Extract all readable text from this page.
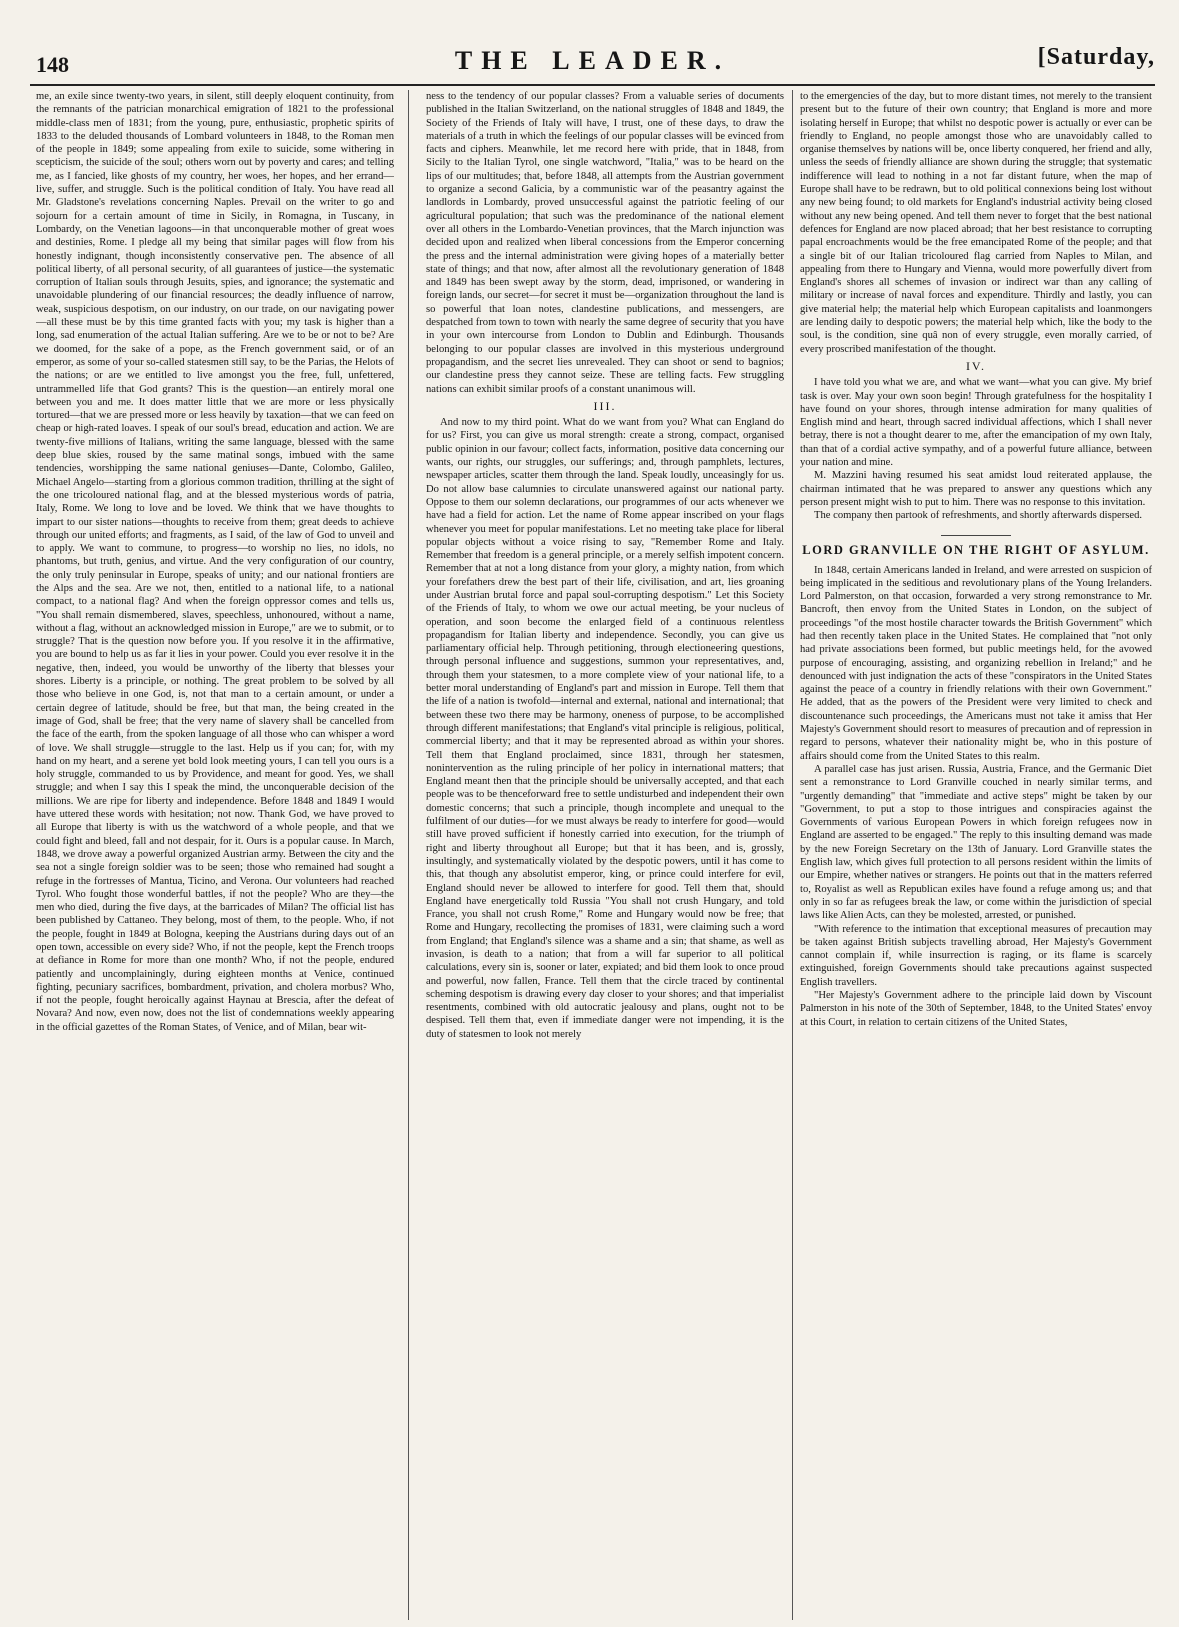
148	THE LEADER.	[Saturday,

me, an exile since twenty-two years, in silent, still deeply eloquent continuity, from the remnants of the patrician monarchical emigration of 1821 to the professional middle-class men of 1831; from the young, pure, enthusiastic, prophetic spirits of 1833 to the deluded thousands of Lombard volunteers in 1848, to the Roman men of the people in 1849; some appealing from exile to suicide, some withering in scepticism, the suicide of the soul; others worn out by poverty and cares; and telling me, as I fancied, like ghosts of my country, her woes, her hopes, and her errand—live, suffer, and struggle. Such is the political condition of Italy. You have read all Mr. Gladstone's revelations concerning Naples. Prevail on the writer to go and sojourn for a certain amount of time in Sicily, in Romagna, in Tuscany, in Lombardy, on the Venetian lagoons—in that unconquerable mother of great woes and destinies, Rome. I pledge all my being that similar pages will flow from his honestly indignant, though inconsistently conservative pen. The absence of all political liberty, of all personal security, of all guarantees of justice—the systematic corruption of Italian souls through Jesuits, spies, and ignorance; the systematic and unavoidable plundering of our financial resources; the deadly influence of narrow, weak, suspicious despotism, on our industry, on our trade, on our navigating power—all these must be by this time granted facts with you; my task is higher than a long, sad enumeration of the actual Italian suffering. Are we to be or not to be? Are we doomed, for the sake of a pope, as the French government said, or of an emperor, as some of your so-called statesmen still say, to be the Parias, the Helots of the nations; or are we entitled to live amongst you the free, full, unfettered, untrammelled life that God grants? This is the question—an entirely moral one between you and me. It does matter little that we are more or less physically tortured—that we are pressed more or less heavily by taxation—that we can feed on cheap or high-rated loaves. I speak of our soul's bread, education and action. We are twenty-five millions of Italians, writing the same language, blessed with the same deep blue skies, roused by the same matinal songs, imbued with the same tendencies, worshipping the same national geniuses—Dante, Colombo, Galileo, Michael Angelo—starting from a glorious common tradition, thrilling at the sight of the one tricoloured national flag, and at the blessed mysterious words of patria, Italy, Rome. We long to love and be loved. We think that we have thoughts to impart to our sister nations—thoughts to receive from them; great deeds to achieve through our united efforts; and fragments, as I said, of the law of God to unveil and to apply. We want to commune, to progress—to worship no lies, no idols, no phantoms, but truth, genius, and virtue. And the very configuration of our country, the only truly peninsular in Europe, speaks of unity; and our national frontiers are the Alps and the sea. Are we not, then, entitled to a national life, to a national compact, to a national flag? And when the foreign oppressor comes and tells us, "You shall remain dismembered, slaves, speechless, unhonoured, without a name, without a flag, without an acknowledged mission in Europe," are we to submit, or to struggle? That is the question now before you. If you resolve it in the affirmative, you are bound to help us as far it lies in your power. Could you ever resolve it in the negative, then, indeed, you would be unworthy of the liberty that blesses your shores. Liberty is a principle, or nothing. The great problem to be solved by all those who believe in one God, is, not that man to a certain amount, or under a certain degree of latitude, should be free, but that man, the being created in the image of God, shall be free; that the very name of slavery shall be cancelled from the face of the earth, from the spoken language of all those who can whisper a word of love. We shall struggle—struggle to the last. Help us if you can; for, with my hand on my heart, and a serene yet bold look meeting yours, I can tell you ours is a holy struggle, commanded to us by Providence, and meant for good. Yes, we shall struggle; and when I say this I speak the mind, the unconquerable decision of the millions. We are ripe for liberty and independence. Before 1848 and 1849 I would have uttered these words with hesitation; not now. Thank God, we have proved to all Europe that liberty is with us the watchword of a whole people, and that we could fight and bleed, fall and not despair, for it. Ours is a popular cause. In March, 1848, we drove away a powerful organized Austrian army. Between the city and the sea not a single foreign soldier was to be seen; those who remained had sought a refuge in the fortresses of Mantua, Ticino, and Verona. Our volunteers had reached Tyrol. Who fought those wonderful battles, if not the people? Who are they—the men who died, during the five days, at the barricades of Milan? The official list has been published by Cattaneo. They belong, most of them, to the people. Who, if not the people, fought in 1849 at Bologna, keeping the Austrians during days out of an open town, accessible on every side? Who, if not the people, kept the French troops at defiance in Rome for more than one month? Who, if not the people, endured patiently and uncomplainingly, during eighteen months at Venice, continued fighting, pecuniary sacrifices, bombardment, privation, and cholera morbus? Who, if not the people, fought heroically against Haynau at Brescia, after the defeat of Novara? And now, even now, does not the list of condemnations weekly appearing in the official gazettes of the Roman States, of Venice, and of Milan, bear wit-

ness to the tendency of our popular classes? From a valuable series of documents published in the Italian Switzerland, on the national struggles of 1848 and 1849, the Society of the Friends of Italy will have, I trust, one of these days, to draw the materials of a truth in which the feelings of our popular classes will be evinced from facts and ciphers. Meanwhile, let me record here with pride, that in 1848, from Sicily to the Italian Tyrol, one single watchword, "Italia," was to be heard on the lips of our multitudes; that, before 1848, all attempts from the Austrian government to organize a second Galicia, by a communistic war of the peasantry against the landlords in Lombardy, proved unsuccessful against the patriotic feeling of our agricultural population; that such was the predominance of the national element over all others in the Lombardo-Venetian provinces, that the March injunction was decided upon and realized when liberal concessions from the Emperor concerning the press and the internal administration were giving hopes of a materially better state of things; and that now, after almost all the revolutionary generation of 1848 and 1849 has been swept away by the storm, dead, imprisoned, or wandering in foreign lands, our secret—for secret it must be—organization throughout the land is so powerful that loan notes, clandestine publications, and messengers, are despatched from town to town with nearly the same degree of security that you have in your own intercourse from London to Dublin and Edinburgh. Thousands belonging to our popular classes are involved in this mysterious underground propagandism, and the secret lies unrevealed. They can shoot or send to bagnios; our clandestine press they cannot seize. These are telling facts. Few struggling nations can exhibit similar proofs of a constant unanimous will.

III.

And now to my third point. What do we want from you? What can England do for us? First, you can give us moral strength: create a strong, compact, organised public opinion in our favour; collect facts, information, positive data concerning our wants, our rights, our struggles, our sufferings; and, through pamphlets, lectures, newspaper articles, scatter them through the land. Speak loudly, unceasingly for us. Do not allow base calumnies to circulate unanswered against our national party. Oppose to them our solemn declarations, our programmes of our acts whenever we have had a field for action. Let the name of Rome appear inscribed on your flags whenever you meet for popular manifestations. Let no meeting take place for liberal popular objects without a voice rising to say, "Remember Rome and Italy. Remember that freedom is a general principle, or a merely selfish impotent concern. Remember that at not a long distance from your glory, a mighty nation, from which your forefathers drew the best part of their life, civilisation, and art, lies groaning under Austrian brutal force and papal soul-corrupting despotism." Let this Society of the Friends of Italy, to whom we owe our actual meeting, be your nucleus of operation, and soon become the enlarged field of a continuous relentless propagandism for Italian liberty and independence. Secondly, you can give us parliamentary official help. Through petitioning, through electioneering questions, through personal influence and suggestions, summon your representatives, and, through them your statesmen, to a more complete view of your national life, to a better moral understanding of England's part and mission in Europe. Tell them that the life of a nation is twofold—internal and external, national and international; that between these two there may be harmony, oneness of purpose, to be accomplished through different manifestations; that England's vital principle is religious, political, commercial liberty; and that it may be represented abroad as within your shores. Tell them that England proclaimed, since 1831, through her statesmen, nonintervention as the ruling principle of her policy in international matters; that England meant then that the principle should be universally accepted, and that each people was to be thenceforward free to settle undisturbed and independent their own domestic concerns; that such a principle, though incomplete and unequal to the fulfilment of our duties—for we must always be ready to interfere for good—would still have proved sufficient if honestly carried into execution, for the triumph of right and liberty throughout all Europe; but that it has been, and is, grossly, insultingly, and systematically violated by the despotic powers, until it has come to this, that though any absolutist emperor, king, or prince could interfere for evil, England should never be allowed to interfere for good. Tell them that, should England have energetically told Russia "You shall not crush Hungary, and told France, you shall not crush Rome," Rome and Hungary would now be free; that Rome and Hungary, recollecting the promises of 1831, were claiming such a word from England; that England's silence was a shame and a sin; that shame, as well as invasion, is death to a nation; that from a will far superior to all political calculations, every sin is, sooner or later, expiated; and bid them look to once proud and powerful, now fallen, France. Tell them that the circle traced by continental scheming despotism is drawing every day closer to your shores; and that imperialist resentments, combined with old autocratic jealousy and plans, ought not to be despised. Tell them that, even if immediate danger were not impending, it is the duty of statesmen to look not merely

to the emergencies of the day, but to more distant times, not merely to the transient present but to the future of their own country; that England is more and more isolating herself in Europe; that whilst no despotic power is actually or ever can be friendly to England, no people amongst those who are unavoidably called to organise themselves by nations will be, once liberty conquered, her friend and ally, unless the seeds of friendly alliance are shown during the struggle; that systematic indifference will lead to nothing in a not far distant future, when the map of Europe shall have to be redrawn, but to old political connexions being lost without any new being found; to old markets for England's industrial activity being closed without any new being opened. And tell them never to forget that the best national defences for England are now placed abroad; that her best resistance to corrupting papal encroachments would be the free emancipated Rome of the people; and that a single bit of our Italian tricoloured flag carried from Naples to Milan, and appealing from there to Hungary and Vienna, would more powerfully divert from England's shores all schemes of invasion or indirect war than any calling of military or increase of naval forces and expenditure. Thirdly and lastly, you can give material help; the material help which European capitalists and loanmongers are lending daily to despotic powers; the material help which, like the body to the soul, is the condition, sine quâ non of every struggle, even morally carried, of every proscribed manifestation of the thought.

IV.

I have told you what we are, and what we want—what you can give. My brief task is over. May your own soon begin! Through gratefulness for the hospitality I have found on your shores, through intense admiration for many qualities of English mind and heart, through sacred individual affections, which I shall never betray, there is not a thought dearer to me, after the emancipation of my own Italy, than that of a cordial active sympathy, and of a powerful future alliance, between your nation and mine.

M. Mazzini having resumed his seat amidst loud reiterated applause, the chairman intimated that he was prepared to answer any questions which any person present might wish to put to him. There was no response to this invitation.

The company then partook of refreshments, and shortly afterwards dispersed.

LORD GRANVILLE ON THE RIGHT OF ASYLUM.

In 1848, certain Americans landed in Ireland, and were arrested on suspicion of being implicated in the seditious and revolutionary plans of the Young Irelanders. Lord Palmerston, on that occasion, forwarded a very strong remonstrance to Mr. Bancroft, then envoy from the United States in London, on the subject of proceedings "of the most hostile character towards the British Government" which had then recently taken place in the United States. He complained that "not only had private associations been formed, but public meetings held, for the avowed purpose of encouraging, assisting, and organizing rebellion in Ireland;" and he denounced with just indignation the acts of these "conspirators in the United States against the peace of a country in friendly relations with their own Government." He added, that as the powers of the President were very limited to check and discountenance such proceedings, the Americans must not take it amiss that Her Majesty's Government should resort to measures of precaution and of repression in regard to persons, whatever their nationality might be, who in this posture of affairs should come from the United States to this realm.

A parallel case has just arisen. Russia, Austria, France, and the Germanic Diet sent a remonstrance to Lord Granville couched in nearly similar terms, and "urgently demanding" that "immediate and active steps" might be taken by our "Government, to put a stop to those intrigues and conspiracies against the Governments of various European Powers in which foreign refugees now in England are asserted to be engaged." The reply to this insulting demand was made by the new Foreign Secretary on the 13th of January. Lord Granville states the English law, which gives full protection to all persons resident within the limits of our Empire, whether natives or strangers. He points out that in the matters referred to, Royalist as well as Republican exiles have found a refuge among us; and that only in so far as refugees break the law, or come within the jurisdiction of special laws like Alien Acts, can they be molested, arrested, or punished.

"With reference to the intimation that exceptional measures of precaution may be taken against British subjects travelling abroad, Her Majesty's Government cannot complain if, while insurrection is raging, or its flame is scarcely extinguished, foreign Governments should take precautions against suspected English travellers.

"Her Majesty's Government adhere to the principle laid down by Viscount Palmerston in his note of the 30th of September, 1848, to the United States' envoy at this Court, in relation to certain citizens of the United States,
